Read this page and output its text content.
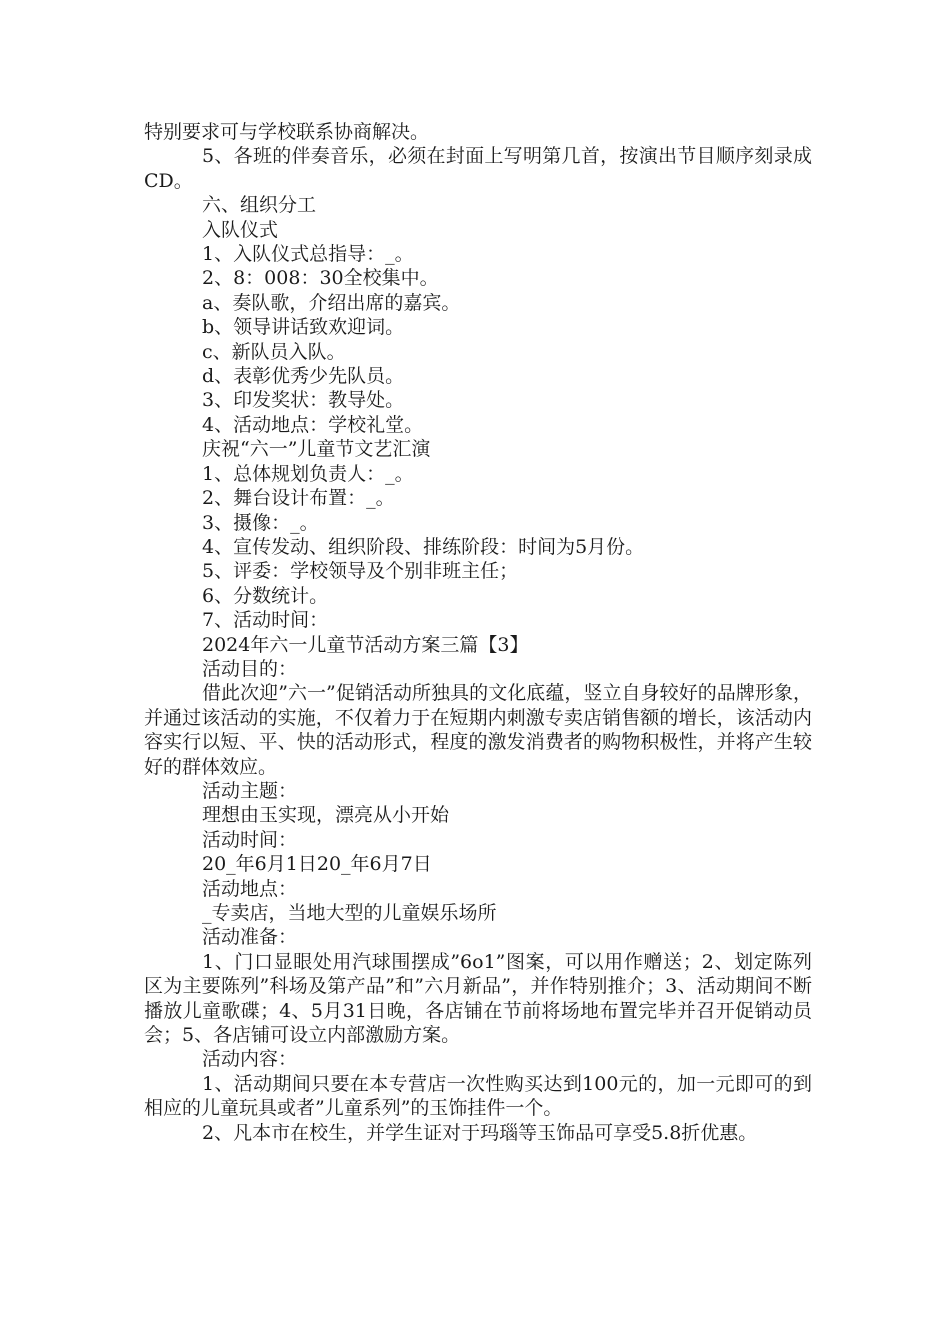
特别要求可与学校联系协商解决。

5、各班的伴奏音乐，必须在封面上写明第几首，按演出节目顺序刻录成CD。

六、组织分工

入队仪式

1、入队仪式总指导：_。

2、8：008：30全校集中。

a、奏队歌，介绍出席的嘉宾。

b、领导讲话致欢迎词。

c、新队员入队。

d、表彰优秀少先队员。

3、印发奖状：教导处。

4、活动地点：学校礼堂。

庆祝“六一”儿童节文艺汇演

1、总体规划负责人：_。

2、舞台设计布置：_。

3、摄像：_。

4、宣传发动、组织阶段、排练阶段：时间为5月份。

5、评委：学校领导及个别非班主任；

6、分数统计。

7、活动时间：

2024年六一儿童节活动方案三篇【3】

活动目的：

借此次迎”六一”促销活动所独具的文化底蕴，竖立自身较好的品牌形象，并通过该活动的实施，不仅着力于在短期内刺激专卖店销售额的增长，该活动内容实行以短、平、快的活动形式，程度的激发消费者的购物积极性，并将产生较好的群体效应。

活动主题：

理想由玉实现，漂亮从小开始

活动时间：

20_年6月1日20_年6月7日

活动地点：

_专卖店，当地大型的儿童娱乐场所

活动准备：

1、门口显眼处用汽球围摆成”6o1”图案，可以用作赠送；2、划定陈列区为主要陈列”科场及第产品”和”六月新品”，并作特别推介；3、活动期间不断播放儿童歌碟；4、5月31日晚，各店铺在节前将场地布置完毕并召开促销动员会；5、各店铺可设立内部激励方案。

活动内容：

1、活动期间只要在本专营店一次性购买达到100元的，加一元即可的到相应的儿童玩具或者”儿童系列”的玉饰挂件一个。

2、凡本市在校生，并学生证对于玛瑙等玉饰品可享受5.8折优惠。
